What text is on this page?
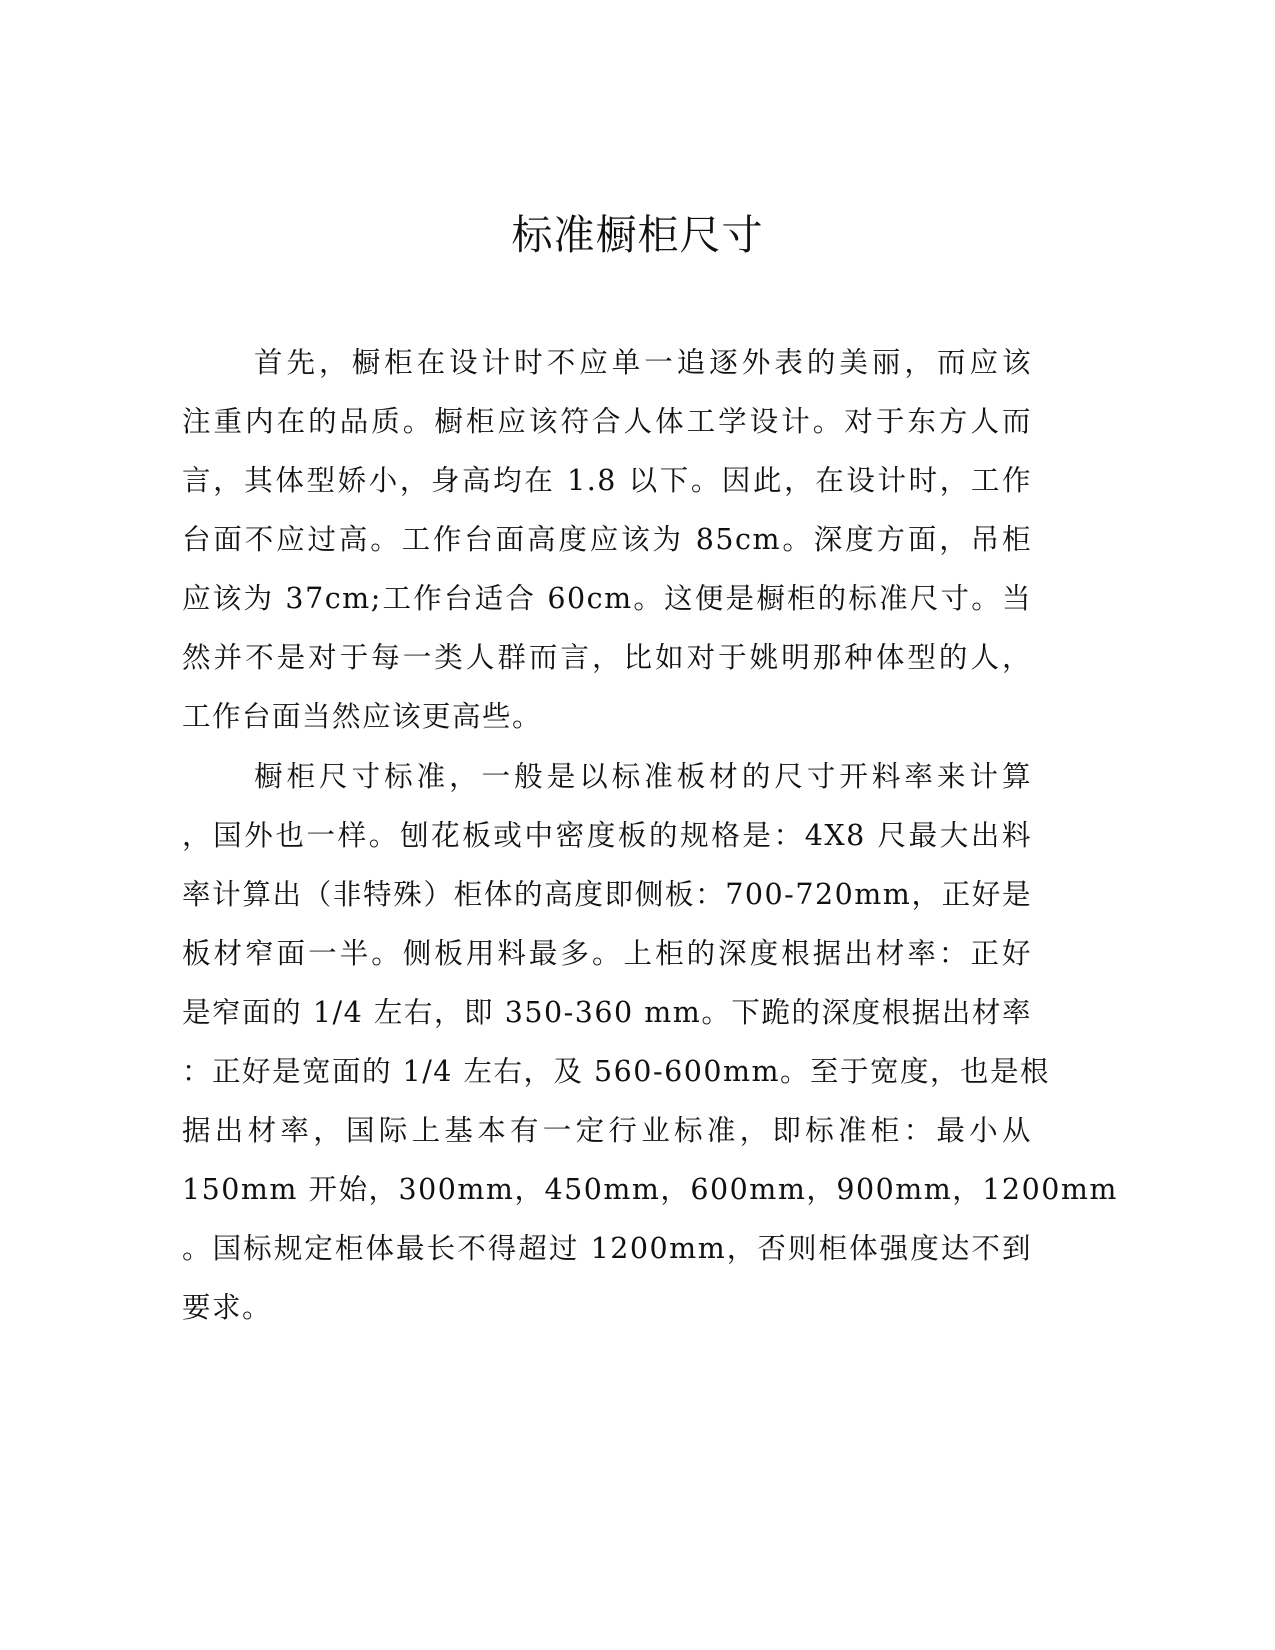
标准橱柜尺寸
首先，橱柜在设计时不应单一追逐外表的美丽，而应该
注重内在的品质。橱柜应该符合人体工学设计。对于东方人而
言，其体型娇小，身高均在 1.8 以下。因此，在设计时，工作
台面不应过高。工作台面高度应该为 85cm。深度方面，吊柜
应该为 37cm;工作台适合 60cm。这便是橱柜的标准尺寸。当
然并不是对于每一类人群而言，比如对于姚明那种体型的人，
工作台面当然应该更高些。
橱柜尺寸标准，一般是以标准板材的尺寸开料率来计算
，国外也一样。刨花板或中密度板的规格是：4X8 尺最大出料
率计算出（非特殊）柜体的高度即侧板：700-720mm，正好是
板材窄面一半。侧板用料最多。上柜的深度根据出材率：正好
是窄面的 1/4 左右，即 350-360 mm。下跪的深度根据出材率
：正好是宽面的 1/4 左右，及 560-600mm。至于宽度，也是根
据出材率，国际上基本有一定行业标准，即标准柜：最小从
150mm 开始，300mm，450mm，600mm，900mm，1200mm
。国标规定柜体最长不得超过 1200mm，否则柜体强度达不到
要求。
